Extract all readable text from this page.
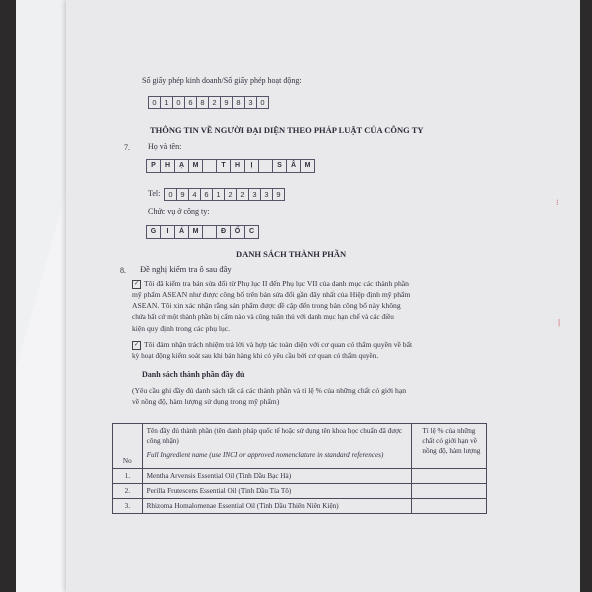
Số giấy phép kinh doanh/Số giấy phép hoạt động:
0	1	0	6	8	2	9	8	3	0
THÔNG TIN VỀ NGƯỜI ĐẠI DIỆN THEO PHÁP LUẬT CỦA CÔNG TY
7. Họ và tên:
P	H	Ạ	M	T	H	Ị	S	Â	M
Tel:	0	9	4	6	1	2	2	3	3	9
Chức vụ ở công ty:
G	I	Á	M	Đ	Ố	C
DANH SÁCH THÀNH PHẦN
8. Đề nghị kiểm tra ô sau đây
✓ Tôi đã kiểm tra bản sửa đổi từ Phụ lục II đến Phụ lục VII của danh mục các thành phần
mỹ phẩm ASEAN như được công bố trên bản sửa đổi gần đây nhất của Hiệp định mỹ phẩm
ASEAN. Tôi xin xác nhận rằng sản phẩm được đề cập đến trong bản công bố này không
chứa bất cứ một thành phần bị cấm nào và cũng tuân thủ với danh mục hạn chế và các điều
kiện quy định trong các phụ lục.
✓ Tôi đảm nhận trách nhiệm trả lời và hợp tác toàn diện với cơ quan có thẩm quyền về bất
kỳ hoạt động kiểm soát sau khi bán hàng khi có yêu cầu bởi cơ quan có thẩm quyền.
Danh sách thành phần đầy đủ
(Yêu cầu ghi đầy đủ danh sách tất cả các thành phần và tỉ lệ % của những chất có giới hạn
về nồng độ, hàm lượng sử dụng trong mỹ phẩm)
No	Tên đầy đủ thành phần (tên danh pháp quốc tế hoặc sử dụng tên khoa học chuẩn đã được công nhận)
Full Ingredient name (use INCI or approved nomenclature in standard references)	Tỉ lệ % của những chất có giới hạn về nồng độ, hàm lượng
1.	Mentha Arvensis Essential Oil (Tinh Dầu Bạc Hà)	
2.	Perilla Frutescens Essential Oil (Tinh Dầu Tía Tô)	
3.	Rhizoma Homalomenae Essential Oil (Tinh Dầu Thiên Niên Kiện)	
⁝
|
